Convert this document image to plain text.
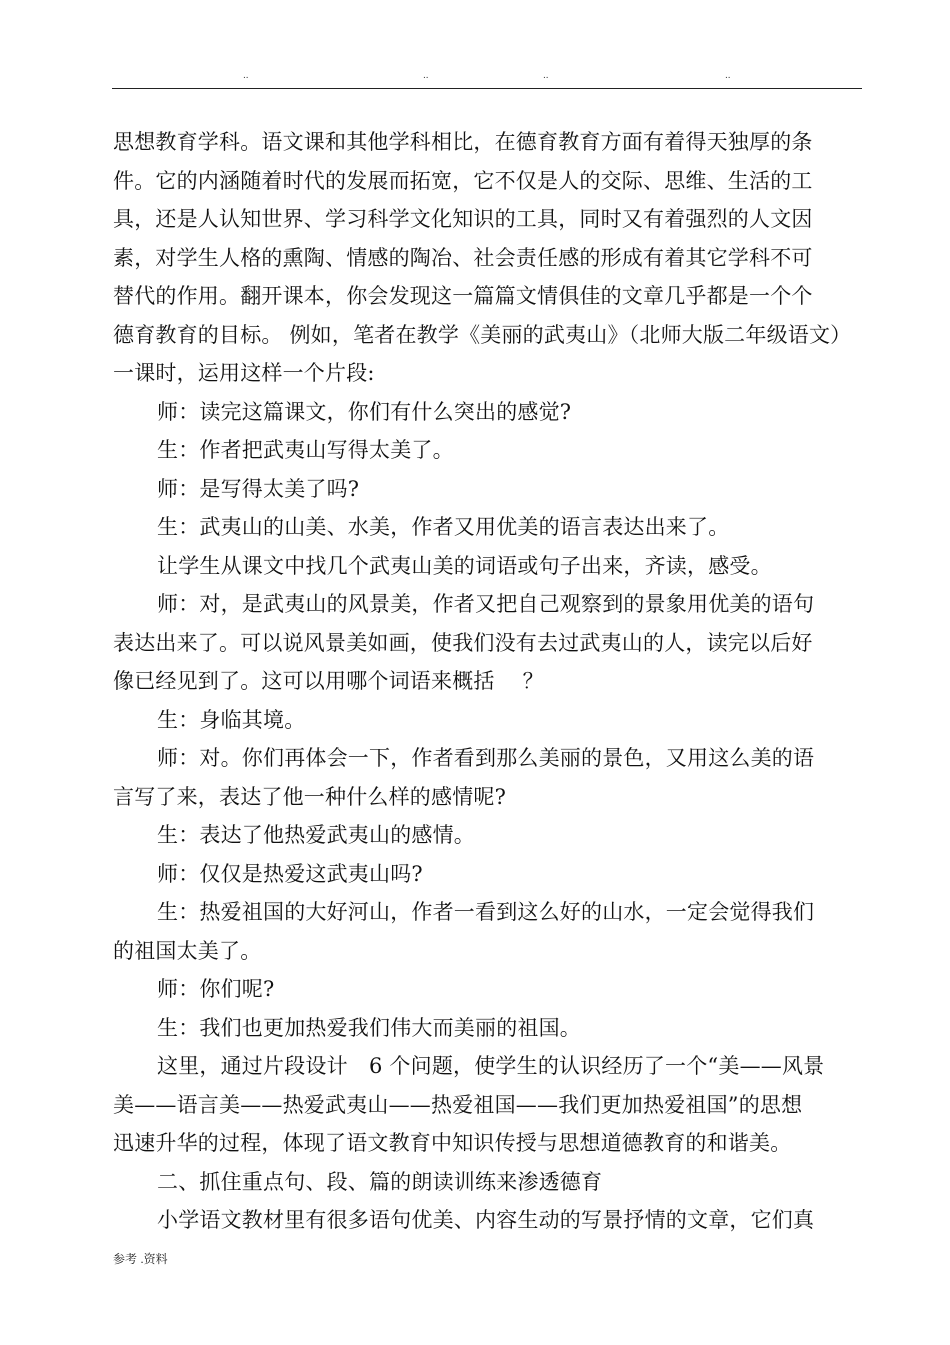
..	..	..	..
思想教育学科。语文课和其他学科相比，在德育教育方面有着得天独厚的条
件。它的内涵随着时代的发展而拓宽，它不仅是人的交际、思维、生活的工
具，还是人认知世界、学习科学文化知识的工具，同时又有着强烈的人文因
素，对学生人格的熏陶、情感的陶冶、社会责任感的形成有着其它学科不可
替代的作用。翻开课本，你会发现这一篇篇文情俱佳的文章几乎都是一个个
德育教育的目标。 例如，笔者在教学《美丽的武夷山》（北师大版二年级语文）
一课时，运用这样一个片段:
师：读完这篇课文，你们有什么突出的感觉?
生：作者把武夷山写得太美了。
师：是写得太美了吗?
生：武夷山的山美、水美，作者又用优美的语言表达出来了。
让学生从课文中找几个武夷山美的词语或句子出来，齐读，感受。
师：对，是武夷山的风景美，作者又把自己观察到的景象用优美的语句
表达出来了。可以说风景美如画，使我们没有去过武夷山的人，读完以后好
像已经见到了。这可以用哪个词语来概括　 ？
生：身临其境。
师：对。你们再体会一下，作者看到那么美丽的景色，又用这么美的语
言写了来，表达了他一种什么样的感情呢?
生：表达了他热爱武夷山的感情。
师：仅仅是热爱这武夷山吗?
生：热爱祖国的大好河山，作者一看到这么好的山水，一定会觉得我们
的祖国太美了。
师：你们呢?
生：我们也更加热爱我们伟大而美丽的祖国。
这里，通过片段设计　6 个问题，使学生的认识经历了一个“美——风景
美——语言美——热爱武夷山——热爱祖国——我们更加热爱祖国”的思想
迅速升华的过程，体现了语文教育中知识传授与思想道德教育的和谐美。
二、抓住重点句、段、篇的朗读训练来渗透德育
小学语文教材里有很多语句优美、内容生动的写景抒情的文章，它们真
参考 .资料
